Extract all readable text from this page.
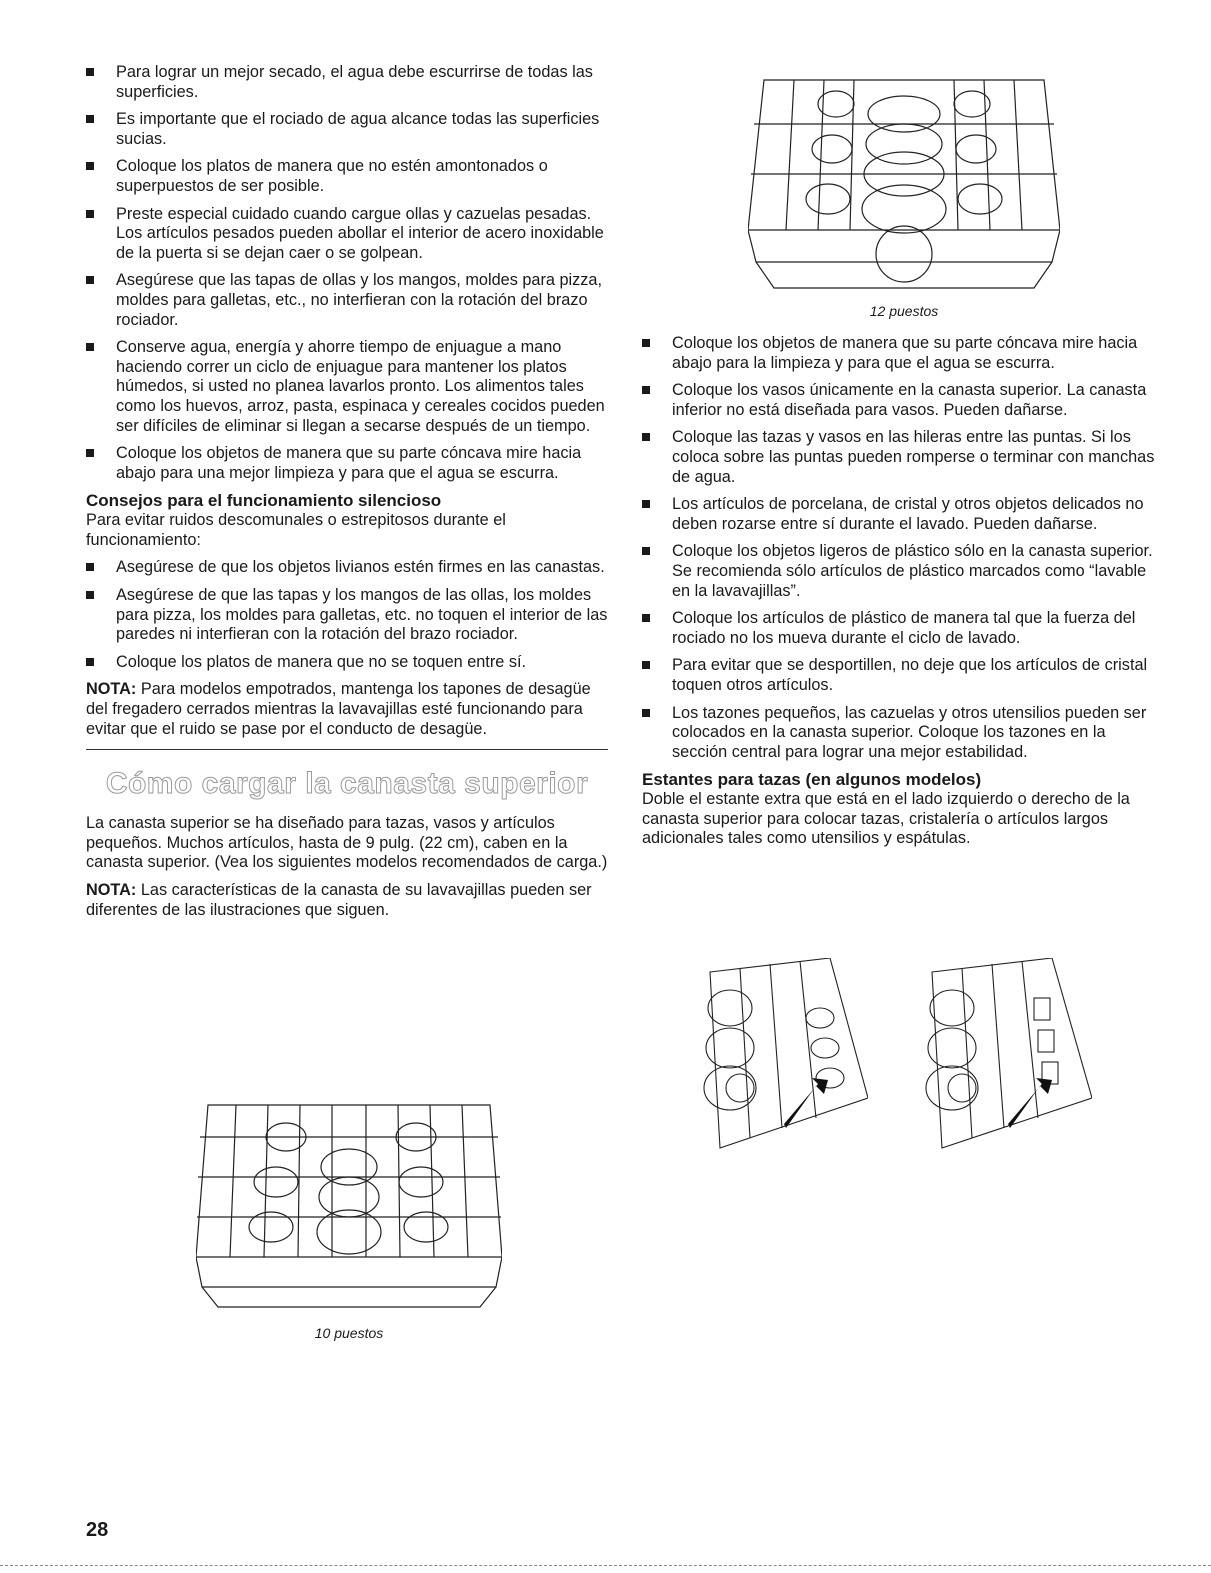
Para lograr un mejor secado, el agua debe escurrirse de todas las superficies.
Es importante que el rociado de agua alcance todas las superficies sucias.
Coloque los platos de manera que no estén amontonados o superpuestos de ser posible.
Preste especial cuidado cuando cargue ollas y cazuelas pesadas. Los artículos pesados pueden abollar el interior de acero inoxidable de la puerta si se dejan caer o se golpean.
Asegúrese que las tapas de ollas y los mangos, moldes para pizza, moldes para galletas, etc., no interfieran con la rotación del brazo rociador.
Conserve agua, energía y ahorre tiempo de enjuague a mano haciendo correr un ciclo de enjuague para mantener los platos húmedos, si usted no planea lavarlos pronto. Los alimentos tales como los huevos, arroz, pasta, espinaca y cereales cocidos pueden ser difíciles de eliminar si llegan a secarse después de un tiempo.
Coloque los objetos de manera que su parte cóncava mire hacia abajo para una mejor limpieza y para que el agua se escurra.
Consejos para el funcionamiento silencioso

Para evitar ruidos descomunales o estrepitosos durante el funcionamiento:

Asegúrese de que los objetos livianos estén firmes en las canastas.
Asegúrese de que las tapas y los mangos de las ollas, los moldes para pizza, los moldes para galletas, etc. no toquen el interior de las paredes ni interfieran con la rotación del brazo rociador.
Coloque los platos de manera que no se toquen entre sí.

NOTA: Para modelos empotrados, mantenga los tapones de desagüe del fregadero cerrados mientras la lavavajillas esté funcionando para evitar que el ruido se pase por el conducto de desagüe.

Cómo cargar la canasta superior

La canasta superior se ha diseñado para tazas, vasos y artículos pequeños. Muchos artículos, hasta de 9 pulg. (22 cm), caben en la canasta superior. (Vea los siguientes modelos recomendados de carga.)

NOTA: Las características de la canasta de su lavavajillas pueden ser diferentes de las ilustraciones que siguen.

10 puestos
12 puestos
Coloque los objetos de manera que su parte cóncava mire hacia abajo para la limpieza y para que el agua se escurra.
Coloque los vasos únicamente en la canasta superior. La canasta inferior no está diseñada para vasos. Pueden dañarse.
Coloque las tazas y vasos en las hileras entre las puntas. Si los coloca sobre las puntas pueden romperse o terminar con manchas de agua.
Los artículos de porcelana, de cristal y otros objetos delicados no deben rozarse entre sí durante el lavado. Pueden dañarse.
Coloque los objetos ligeros de plástico sólo en la canasta superior. Se recomienda sólo artículos de plástico marcados como “lavable en la lavavajillas”.
Coloque los artículos de plástico de manera tal que la fuerza del rociado no los mueva durante el ciclo de lavado.
Para evitar que se desportillen, no deje que los artículos de cristal toquen otros artículos.
Los tazones pequeños, las cazuelas y otros utensilios pueden ser colocados en la canasta superior. Coloque los tazones en la sección central para lograr una mejor estabilidad.
Estantes para tazas (en algunos modelos)

Doble el estante extra que está en el lado izquierdo o derecho de la canasta superior para colocar tazas, cristalería o artículos largos adicionales tales como utensilios y espátulas.

28
